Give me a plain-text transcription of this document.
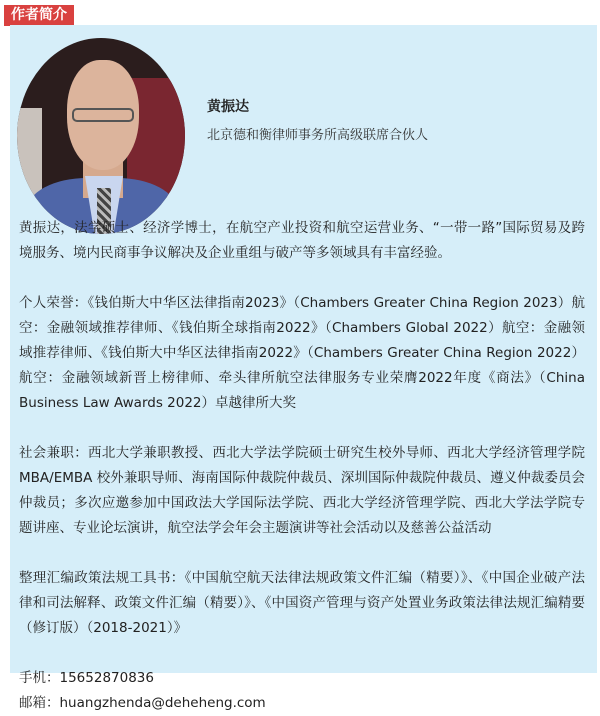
作者简介
黄振达
北京德和衡律师事务所高级联席合伙人

黄振达，法学硕士、经济学博士，在航空产业投资和航空运营业务、“一带一路”国际贸易及跨境服务、境内民商事争议解决及企业重组与破产等多领域具有丰富经验。

个人荣誉：《钱伯斯大中华区法律指南2023》（Chambers Greater China Region 2023）航空：金融领域推荐律师、《钱伯斯全球指南2022》（Chambers Global 2022）航空：金融领域推荐律师、《钱伯斯大中华区法律指南2022》（Chambers Greater China Region 2022）航空：金融领域新晋上榜律师、牵头律所航空法律服务专业荣膺2022年度《商法》（China Business Law Awards 2022）卓越律所大奖

社会兼职：西北大学兼职教授、西北大学法学院硕士研究生校外导师、西北大学经济管理学院MBA/EMBA 校外兼职导师、海南国际仲裁院仲裁员、深圳国际仲裁院仲裁员、遵义仲裁委员会仲裁员；多次应邀参加中国政法大学国际法学院、西北大学经济管理学院、西北大学法学院专题讲座、专业论坛演讲，航空法学会年会主题演讲等社会活动以及慈善公益活动

整理汇编政策法规工具书：《中国航空航天法律法规政策文件汇编（精要）》、《中国企业破产法律和司法解释、政策文件汇编（精要）》、《中国资产管理与资产处置业务政策法律法规汇编精要（修订版）（2018-2021）》

手机：15652870836

邮箱：huangzhenda@deheheng.com
